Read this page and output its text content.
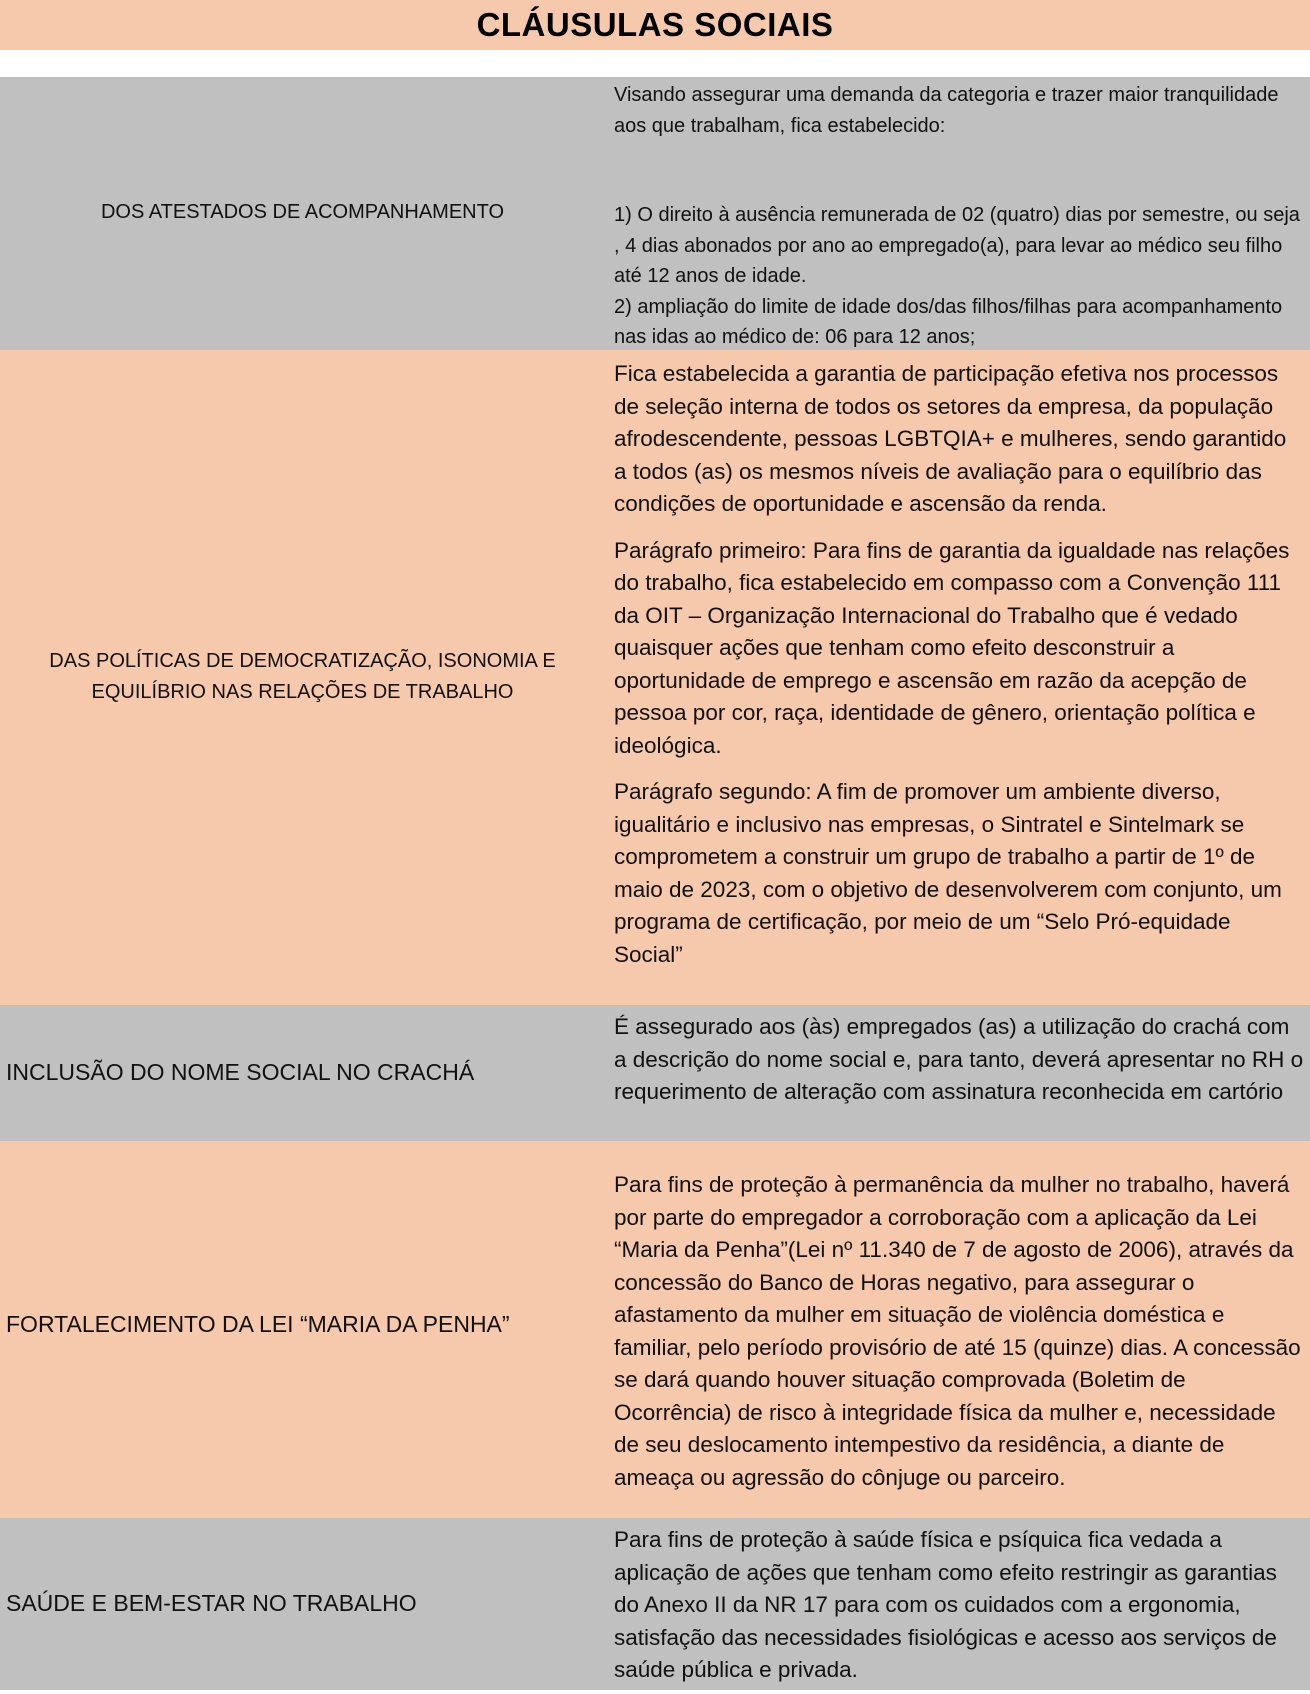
CLÁUSULAS SOCIAIS

Visando assegurar uma demanda da categoria e trazer maior tranquilidade aos que trabalham, fica estabelecido:

DOS ATESTADOS DE ACOMPANHAMENTO	1) O direito à ausência remunerada de 02 (quatro) dias por semestre, ou seja , 4 dias abonados por ano ao empregado(a), para levar ao médico seu filho até 12 anos de idade.

2) ampliação do limite de idade dos/das filhos/filhas para acompanhamento nas idas ao médico de: 06 para 12 anos;

DAS POLÍTICAS DE DEMOCRATIZAÇÃO, ISONOMIA E EQUILÍBRIO NAS RELAÇÕES DE TRABALHO

Fica estabelecida a garantia de participação efetiva nos processos de seleção interna de todos os setores da empresa, da população afrodescendente, pessoas LGBTQIA+ e mulheres, sendo garantido a todos (as) os mesmos níveis de avaliação para o equilíbrio das condições de oportunidade e ascensão da renda.

Parágrafo primeiro: Para fins de garantia da igualdade nas relações do trabalho, fica estabelecido em compasso com a Convenção 111 da OIT – Organização Internacional do Trabalho que é vedado quaisquer ações que tenham como efeito desconstruir a oportunidade de emprego e ascensão em razão da acepção de pessoa por cor, raça, identidade de gênero, orientação política e ideológica.

Parágrafo segundo: A fim de promover um ambiente diverso, igualitário e inclusivo nas empresas, o Sintratel e Sintelmark se comprometem a construir um grupo de trabalho a partir de 1º de maio de 2023, com o objetivo de desenvolverem com conjunto, um programa de certificação, por meio de um “Selo Pró-equidade Social”

INCLUSÃO DO NOME SOCIAL NO CRACHÁ

É assegurado aos (às) empregados (as) a utilização do crachá com a descrição do nome social e, para tanto, deverá apresentar no RH o requerimento de alteração com assinatura reconhecida em cartório

FORTALECIMENTO DA LEI “MARIA DA PENHA”

Para fins de proteção à permanência da mulher no trabalho, haverá por parte do empregador a corroboração com a aplicação da Lei “Maria da Penha”(Lei nº 11.340 de 7 de agosto de 2006), através da concessão do Banco de Horas negativo, para assegurar o afastamento da mulher em situação de violência doméstica e familiar, pelo período provisório de até 15 (quinze) dias. A concessão se dará quando houver situação comprovada (Boletim de Ocorrência) de risco à integridade física da mulher e, necessidade de seu deslocamento intempestivo da residência, a diante de ameaça ou agressão do cônjuge ou parceiro.

SAÚDE E BEM-ESTAR NO TRABALHO

Para fins de proteção à saúde física e psíquica fica vedada a aplicação de ações que tenham como efeito restringir as garantias do Anexo II da NR 17 para com os cuidados com a ergonomia, satisfação das necessidades fisiológicas e acesso aos serviços de saúde pública e privada.
